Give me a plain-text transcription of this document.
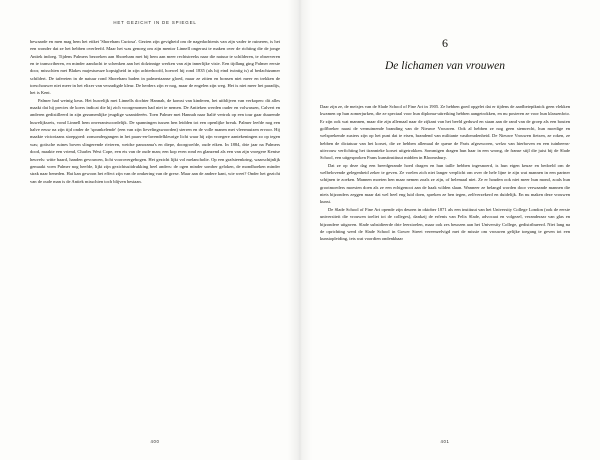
HET GEZICHT IN DE SPIEGEL

bewaarde en men mag hem het etiket 'Shoreham Curiosa'. Gezien zijn gevigheid om de nagedachtenis van zijn vader te ruineren, is het een wonder dat ze het hebben overleefd. Maar het was genoeg om zijn mentor Linnell ongerust te maken over de richting die de jonge Antiek indoeg. Tijdens Palmers bezoeken aan Shoreham met bij hem aan meer rechtstreeks naar die natuur te schilderen, te observeren en te transcriberen, en minder aandacht te schenken aan het dolzinnige werken van zijn innerlijke visie. Een tijdlang ging Palmer eerste door, misschien met Blakes majestueuze kopsigheid in zijn achterhoofd, hoewel hij rond 1835 (als hij eind twintig is) al bedachtzamer schildert. De tafereien in de natuur rond Shoreham baden in palmeriaanse gloed, maar ze zitten en bonsen niet meer en trekken de toeschouwer niet meer in het elixer van verzadigde kleur. De herders zijn er nog, maar de engelen zijn weg. Het is niet meer het paradijs, het is Kent.

Palmer had weinig keus. Het huwelijk met Linnells dochter Hannah, de komst van kinderen, het uitblijven van verkopen: dit alles maakt dat hij precies de koers indicat die hij zich voorgenomen had niet te nemen. De Antieken werden ouder en volwassen, Calvert en anderen gedistilleerd in zijn gezamenlijke jeugdige waanideeën. Toen Palmer met Hannah naar Italië vertrok op een tour gaar duurende huwelijksreis, vond Linnell hem onverantwoordelijk. De spanningen tussen hen leidden tot een openlijke breuk. Palmer leefde nog een halve eeuw na zijn tijd onder de 'sprankelende' (een van zijn lievelingswoorden) sterren en de volle manen met vleermuizen ervoor. Hij maakte victoriaans stoepgoed: zonsondergangen in het paars-en-lavendelkleurige licht waar hij zijn vroegere aantekeningen zo op tegen was; gotische ruines boven slingerende rivieren, weidse panorama's en diepe, doorgroefde, oude eiken. In 1884, drie jaar na Palmers dood, maakte een vriend, Charles West Cope, een ets van de oude man; een kop even rond en glanzend als een van zijn vroegere Kentse heuvels: witte baard, handen gevouwen, licht voorovergebogen. Het gezicht lijkt vol melancholie. Op een grafsteenkring, waarschijnlijk gemaakt voen Palmer nog heefde, lijkt zijn gezichtsuitdrukking heel anders: de ogen minder somber geloken, de mondhoeken minder strak naar beneden. Hat kan gewoon het effect zijn van de omkering van de grese. Maar aan de andere kant, wie weet? Onder het gezicht van de oude man is de Antiek misschien toch blijven bestaan.

400
6
De lichamen van vrouwen

Daar zijn ze, de meisjes van de Slade School of Fine Art in 1905. Ze hebben goed opgelet dat er tijdens de aardbeiepiknick geen vlekken kwamen op hun zomerjurken, die ze speciaal voor hun diploma-uitreiking hebben aangetrokken, en nu posteren ze voor hun klassenfoto. Er zijn ook wat mannen, maar die zijn allemaal naar de zijkant van het beeld geduwd en staan aan de rand van de groep als een bouten golfbreker naast de vernuimende branding van de Nieuwe Vrouwen. Ook al hebben ze nog geen stemrecht, hun moedige en welsprekende zusters zijn op het punt dat te eisen, brandend van militante vastberadenheid. De Nieuwe Vrouwen fietsen, ze roken, ze hebben de dictatuur van het korset, die ze hebben allemaal de queue de Paris afgezworen, welzo van hierboven en een tuinbeens-uitvrouw verfichting het tirannieke korset uitgetrokken. Sommigen dragen hun haar in een wrong, de franse stijl die juist bij de Slade School, een uitgesproken Frans kunstinstituut midden in Bloomsbury.

Dat ze op deze dag een breedgerande hoed dragen en hun taille hebben ingesnoerd, is hun eigen keuze en bedoeld om de welbelovende gelegenheid zeker te geven. Ze voelen zich niet langer verplicht om over de hele lijne te zijn wat mannen in een partner schijnen te zoeken. Mannen moeten hen maar nemen zoals ze zijn, of helemaal niet. Ze er houden ook niet meer hun mond, zoals hun grootmoeders moesten doen als ze een echtgenoot aan de haak wilden slaan. Wanneer ze belangd worden door verwaande mannen die niets bijzonders zeggen maar dat wel heel eng luid doen, spreken ze hen tegen, zelfverzekerd en duidelijk. En nu maken deze vrouwen kunst.

De Slade School of Fine Art opende zijn deuren in oktober 1871 als een instituut van het University College London (ook de eerste universiteit die vrouwen toeliet tot de colleges), dankzij de erfenis van Felix Slade, advocaat en volgezel, veranderaar van glas en bijzondere uitgaven. Slade subsidieerde drie leerstoelen, maar ook zes beurzen aan het University College, gedistribueerd. Niet lang na de oprichting werd de Slade School in Gower Street vereenzelvigd met de missie om vrouwen gelijke toegang te geven tot een kunstopleiding, iets wat voordien ondenkbaar

401
